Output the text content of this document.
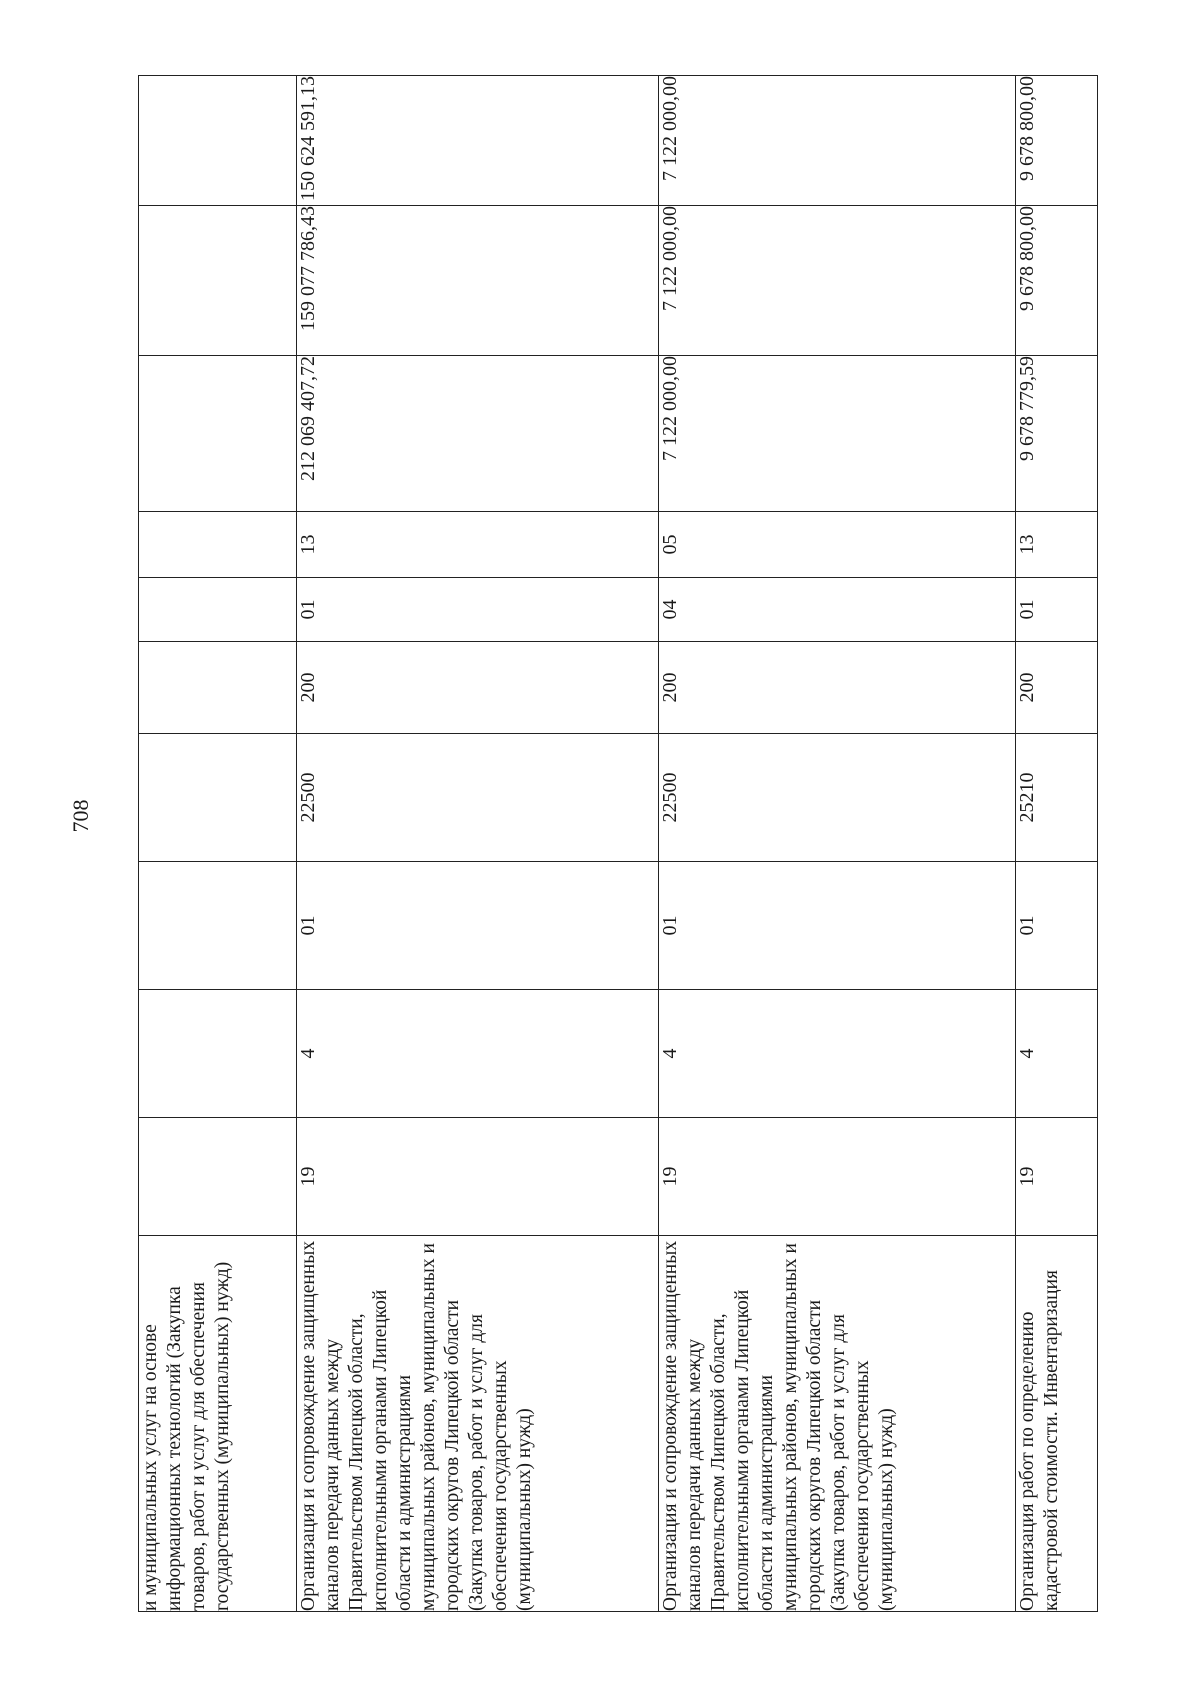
708
и муниципальных услуг на основе информационных технологий (Закупка товаров, работ и услуг для обеспечения государственных (муниципальных) нужд)										
Организация и сопровождение защищенных каналов передачи данных между Правительством Липецкой области, исполнительными органами Липецкой области и администрациями муниципальных районов, муниципальных и городских округов Липецкой области (Закупка товаров, работ и услуг для обеспечения государственных (муниципальных) нужд)	19	4	01	22500	200	01	13	212 069 407,72	159 077 786,43	150 624 591,13
Организация и сопровождение защищенных каналов передачи данных между Правительством Липецкой области, исполнительными органами Липецкой области и администрациями муниципальных районов, муниципальных и городских округов Липецкой области (Закупка товаров, работ и услуг для обеспечения государственных (муниципальных) нужд)	19	4	01	22500	200	04	05	7 122 000,00	7 122 000,00	7 122 000,00
Организация работ по определению кадастровой стоимости. Инвентаризация	19	4	01	25210	200	01	13	9 678 779,59	9 678 800,00	9 678 800,00
